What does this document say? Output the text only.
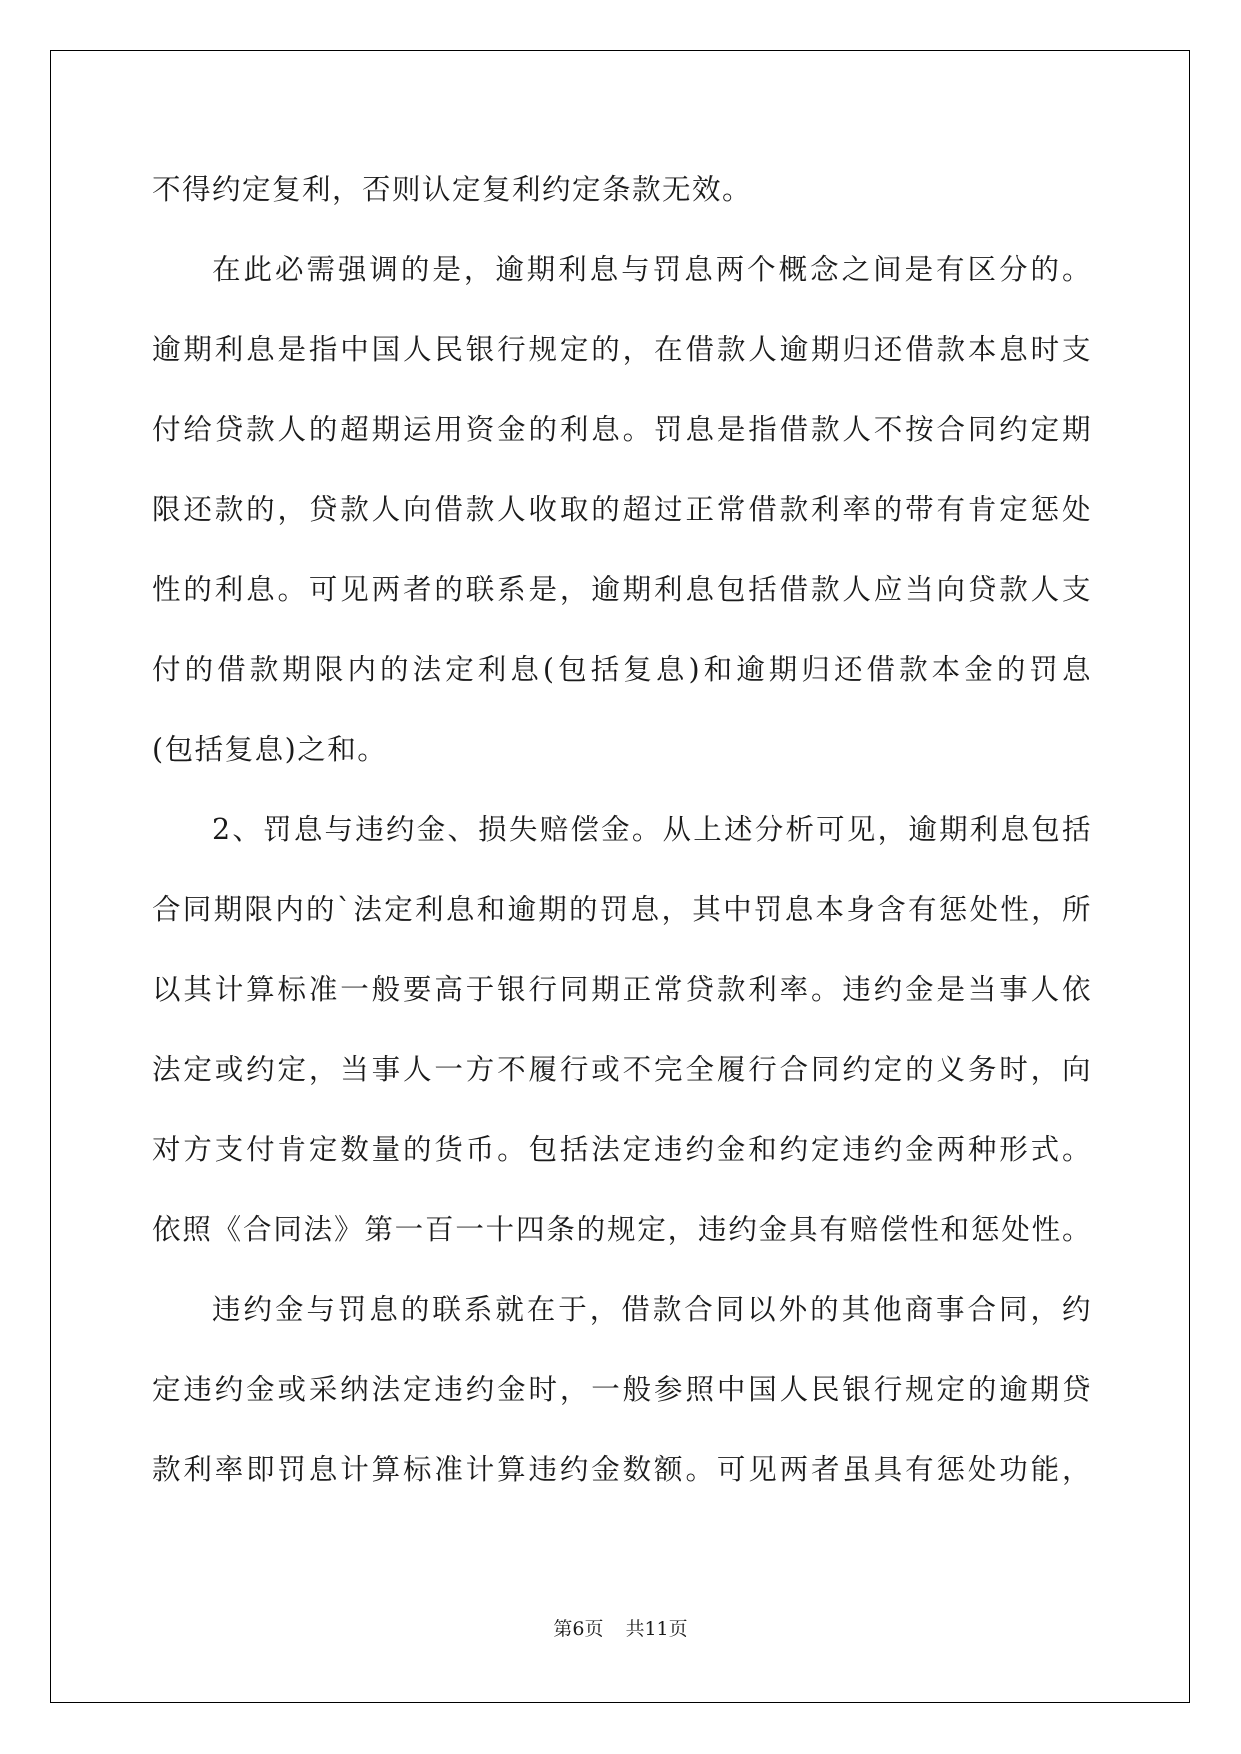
不得约定复利，否则认定复利约定条款无效。
在此必需强调的是，逾期利息与罚息两个概念之间是有区分的。
逾期利息是指中国人民银行规定的，在借款人逾期归还借款本息时支
付给贷款人的超期运用资金的利息。罚息是指借款人不按合同约定期
限还款的，贷款人向借款人收取的超过正常借款利率的带有肯定惩处
性的利息。可见两者的联系是，逾期利息包括借款人应当向贷款人支
付的借款期限内的法定利息(包括复息)和逾期归还借款本金的罚息
(包括复息)之和。
2、罚息与违约金、损失赔偿金。从上述分析可见，逾期利息包括
合同期限内的`法定利息和逾期的罚息，其中罚息本身含有惩处性，所
以其计算标准一般要高于银行同期正常贷款利率。违约金是当事人依
法定或约定，当事人一方不履行或不完全履行合同约定的义务时，向
对方支付肯定数量的货币。包括法定违约金和约定违约金两种形式。
依照《合同法》第一百一十四条的规定，违约金具有赔偿性和惩处性。
违约金与罚息的联系就在于，借款合同以外的其他商事合同，约
定违约金或采纳法定违约金时，一般参照中国人民银行规定的逾期贷
款利率即罚息计算标准计算违约金数额。可见两者虽具有惩处功能，
第6页 共11页
